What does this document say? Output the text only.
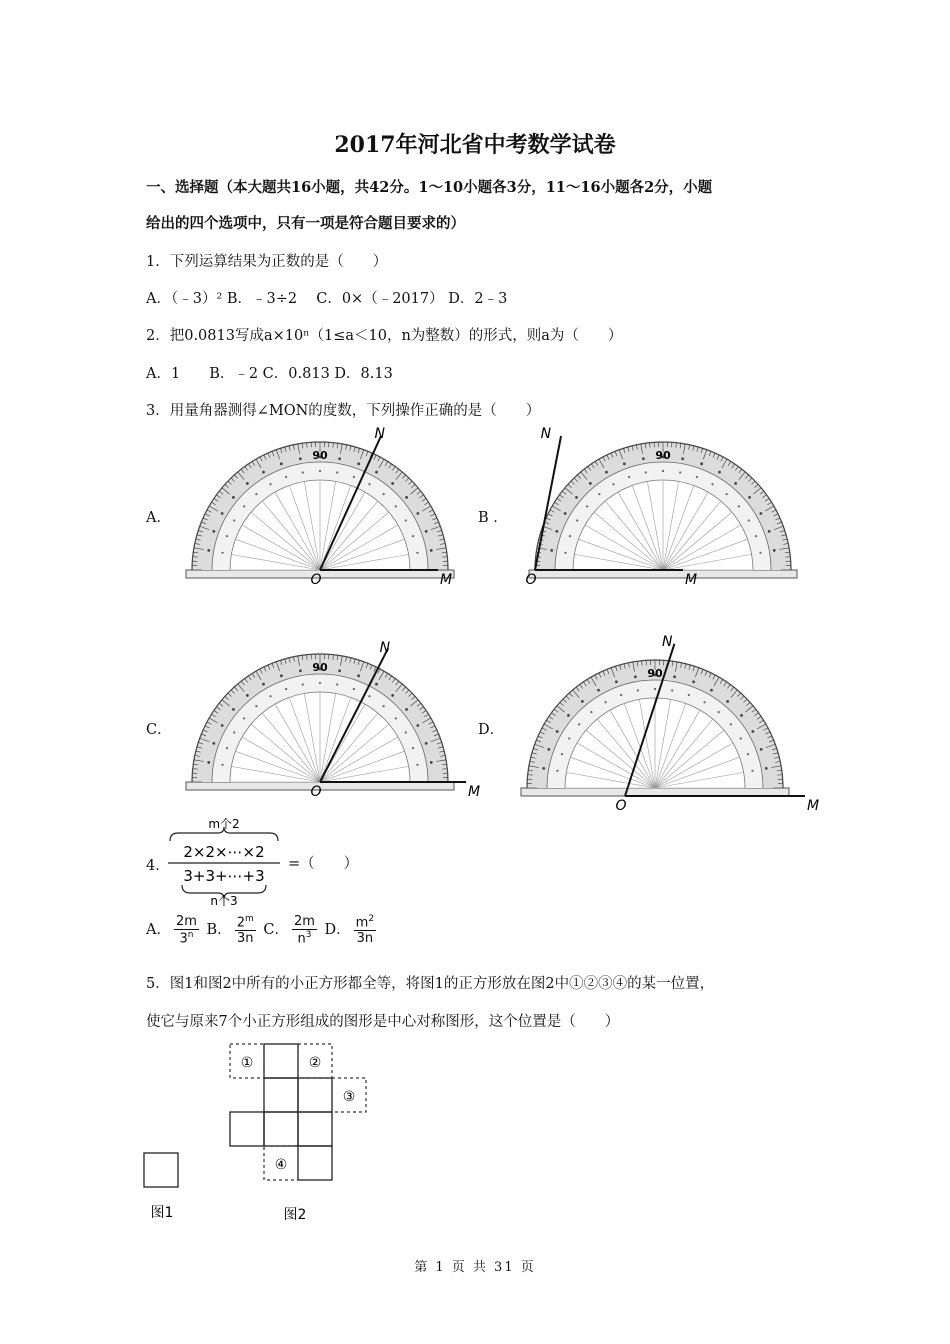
2017年河北省中考数学试卷
一、选择题（本大题共16小题，共42分。1～10小题各3分，11～16小题各2分，小题
给出的四个选项中，只有一项是符合题目要求的）
1．下列运算结果为正数的是（　　）
A．（﹣3）² B．﹣3÷2　 C．0×（﹣2017） D．2﹣3
2．把0.0813写成a×10ⁿ（1≤a＜10，n为整数）的形式，则a为（　　）
A．1　　B．﹣2 C．0.813 D．8.13
3．用量角器测得∠MON的度数，下列操作正确的是（　　）
A．	B ．
C．	D．
90
O	M
N
90
O	M
N
90
O	M
N
90
O	M
N
4．
m个2
2×2×⋯×2
3+3+⋯+3
n个3
=（　　）
A． $\frac{2m}{3^n}$ B． $\frac{2^m}{3n}$ C． $\frac{2m}{n^3}$ D． $\frac{m^2}{3n}$
5．图1和图2中所有的小正方形都全等，将图1的正方形放在图2中①②③④的某一位置，
使它与原来7个小正方形组成的图形是中心对称图形，这个位置是（　　）
图1
①	②
③
④
图2
第 1 页 共 31 页
